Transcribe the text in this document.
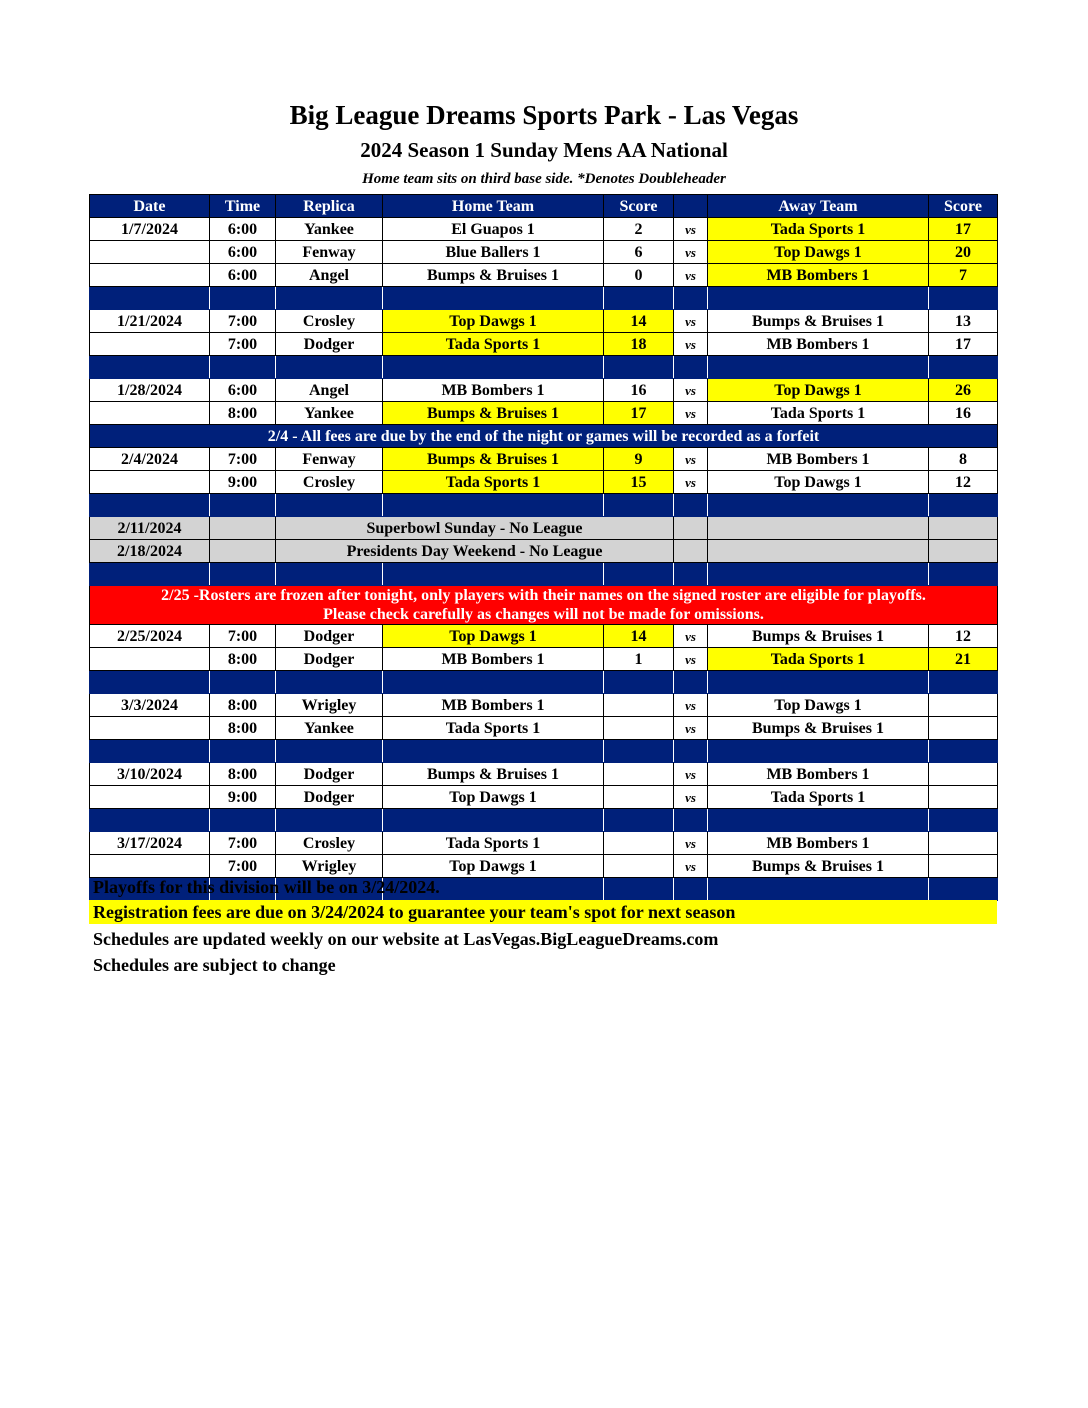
Big League Dreams Sports Park - Las Vegas
2024 Season 1 Sunday Mens AA National
Home team sits on third base side. *Denotes Doubleheader
Date	Time	Replica	Home Team	Score		Away Team	Score
1/7/2024	6:00	Yankee	El Guapos 1	2	vs	Tada Sports 1	17
	6:00	Fenway	Blue Ballers 1	6	vs	Top Dawgs 1	20
	6:00	Angel	Bumps & Bruises 1	0	vs	MB Bombers 1	7

1/21/2024	7:00	Crosley	Top Dawgs 1	14	vs	Bumps & Bruises 1	13
	7:00	Dodger	Tada Sports 1	18	vs	MB Bombers 1	17

1/28/2024	6:00	Angel	MB Bombers 1	16	vs	Top Dawgs 1	26
	8:00	Yankee	Bumps & Bruises 1	17	vs	Tada Sports 1	16
2/4 - All fees are due by the end of the night or games will be recorded as a forfeit							
2/4/2024	7:00	Fenway	Bumps & Bruises 1	9	vs	MB Bombers 1	8
	9:00	Crosley	Tada Sports 1	15	vs	Top Dawgs 1	12

2/11/2024		Superbowl Sunday - No League					
2/18/2024		Presidents Day Weekend - No League					

2/25 -Rosters are frozen after tonight, only players with their names on the signed roster are eligible for playoffs.
Please check carefully as changes will not be made for omissions.							

2/25/2024	7:00	Dodger	Top Dawgs 1	14	vs	Bumps & Bruises 1	12
	8:00	Dodger	MB Bombers 1	1	vs	Tada Sports 1	21

3/3/2024	8:00	Wrigley	MB Bombers 1		vs	Top Dawgs 1	
	8:00	Yankee	Tada Sports 1		vs	Bumps & Bruises 1	

3/10/2024	8:00	Dodger	Bumps & Bruises 1		vs	MB Bombers 1	
	9:00	Dodger	Top Dawgs 1		vs	Tada Sports 1	

3/17/2024	7:00	Crosley	Tada Sports 1		vs	MB Bombers 1	
	7:00	Wrigley	Top Dawgs 1		vs	Bumps & Bruises 1	

Playoffs for this division will be on 3/24/2024.
Registration fees are due on 3/24/2024 to guarantee your team's spot for next season
Schedules are updated weekly on our website at LasVegas.BigLeagueDreams.com
Schedules are subject to change
